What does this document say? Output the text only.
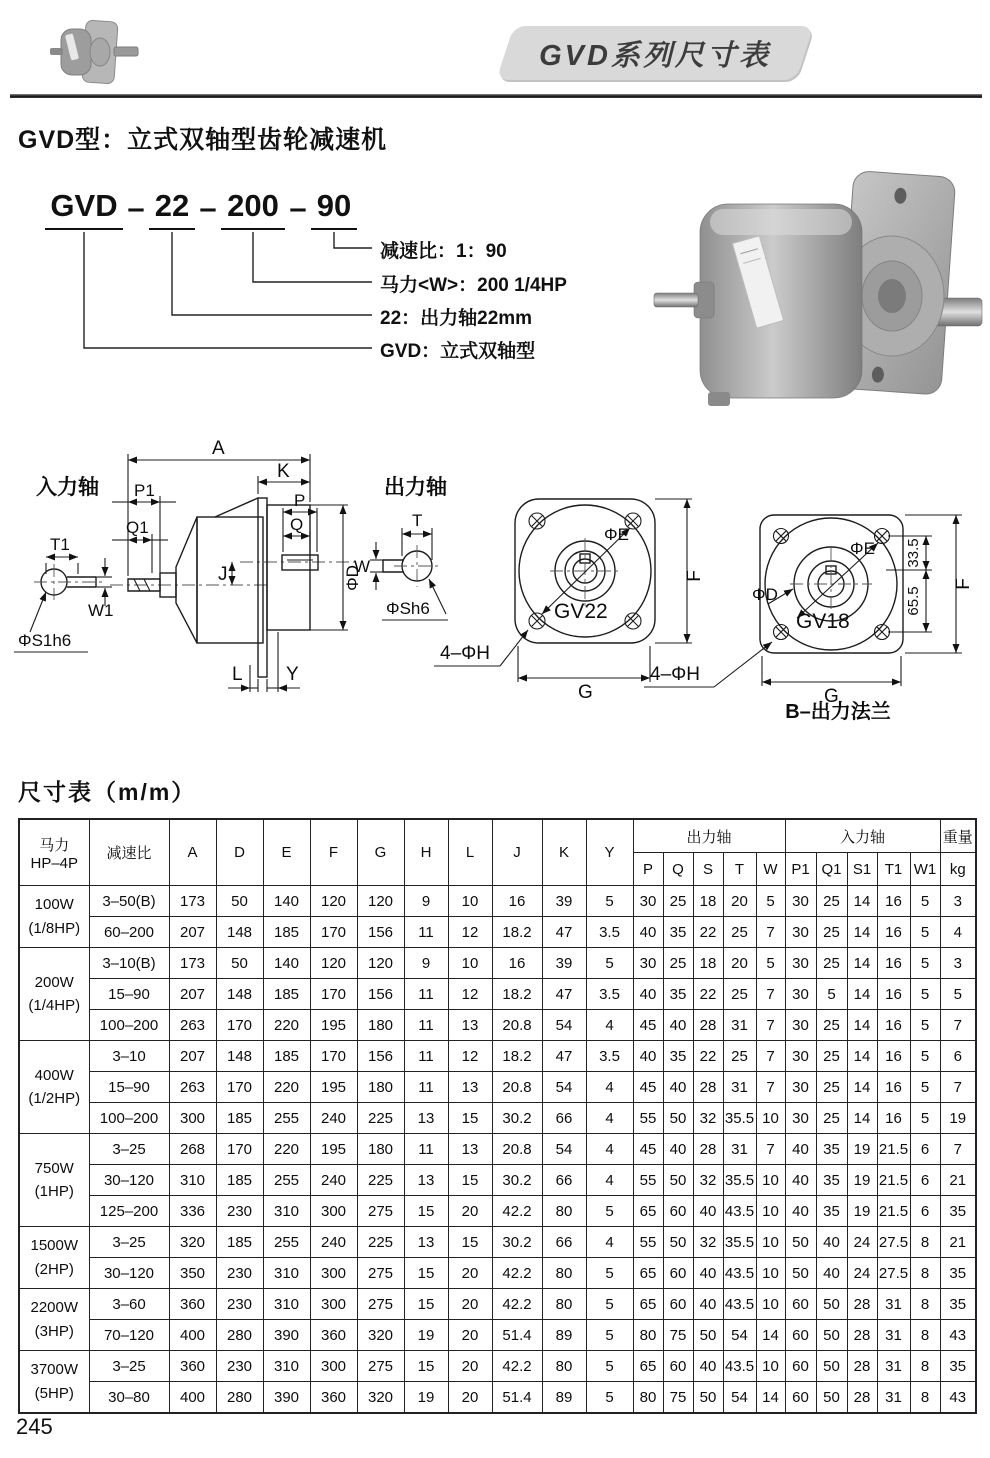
GVD系列尺寸表
GVD型：立式双轴型齿轮减速机
GVD – 22 – 200 – 90
减速比：1：90
马力<W>：200 1/4HP
22：出力轴22mm
GVD：立式双轴型
入力轴
T1
W1
ΦS1h6
A
K
P1
Q1
P
Q
J	ΦD
L Y
出力轴
T
W
ΦSh6
4–ΦH
ΦE
GV22
F
G
ΦE
ΦD
GV18
33.5
65.5
F
G
4–ΦH
B–出力法兰
尺寸表（m/m）
马力
HP–4P	减速比	A	D	E	F	G	H	L	J	K	Y	出力轴					入力轴					重量
												P	Q	S	T	W	P1	Q1	S1	T1	W1	kg

100W
(1/8HP)	3–50(B)	173	50	140	120	120	9	10	16	39	5	30	25	18	20	5	30	25	14	16	5	3
	60–200	207	148	185	170	156	11	12	18.2	47	3.5	40	35	22	25	7	30	25	14	16	5	4

200W
(1/4HP)	3–10(B)	173	50	140	120	120	9	10	16	39	5	30	25	18	20	5	30	25	14	16	5	3
	15–90	207	148	185	170	156	11	12	18.2	47	3.5	40	35	22	25	7	30	5	14	16	5	5
	100–200	263	170	220	195	180	11	13	20.8	54	4	45	40	28	31	7	30	25	14	16	5	7

400W
(1/2HP)	3–10	207	148	185	170	156	11	12	18.2	47	3.5	40	35	22	25	7	30	25	14	16	5	6
	15–90	263	170	220	195	180	11	13	20.8	54	4	45	40	28	31	7	30	25	14	16	5	7
	100–200	300	185	255	240	225	13	15	30.2	66	4	55	50	32	35.5	10	30	25	14	16	5	19

750W
(1HP)	3–25	268	170	220	195	180	11	13	20.8	54	4	45	40	28	31	7	40	35	19	21.5	6	7
	30–120	310	185	255	240	225	13	15	30.2	66	4	55	50	32	35.5	10	40	35	19	21.5	6	21
	125–200	336	230	310	300	275	15	20	42.2	80	5	65	60	40	43.5	10	40	35	19	21.5	6	35

1500W
(2HP)	3–25	320	185	255	240	225	13	15	30.2	66	4	55	50	32	35.5	10	50	40	24	27.5	8	21
	30–120	350	230	310	300	275	15	20	42.2	80	5	65	60	40	43.5	10	50	40	24	27.5	8	35

2200W
(3HP)	3–60	360	230	310	300	275	15	20	42.2	80	5	65	60	40	43.5	10	60	50	28	31	8	35
	70–120	400	280	390	360	320	19	20	51.4	89	5	80	75	50	54	14	60	50	28	31	8	43

3700W
(5HP)	3–25	360	230	310	300	275	15	20	42.2	80	5	65	60	40	43.5	10	60	50	28	31	8	35
	30–80	400	280	390	360	320	19	20	51.4	89	5	80	75	50	54	14	60	50	28	31	8	43
245
